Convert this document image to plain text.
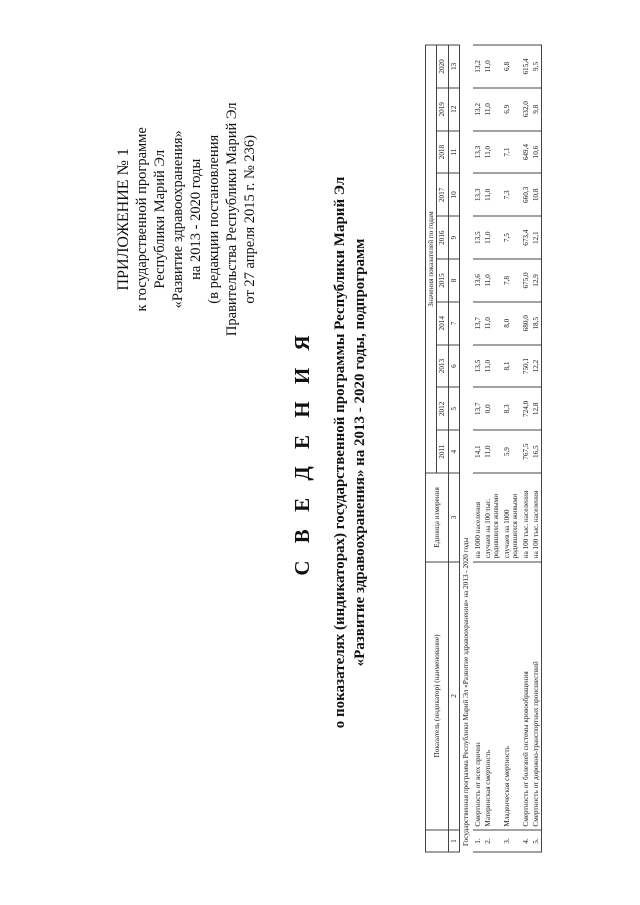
ПРИЛОЖЕНИЕ № 1 к государственной программе Республики Марий Эл «Развитие здравоохранения» на 2013 - 2020 годы (в редакции постановления Правительства Республики Марий Эл от 27 апреля 2015 г. № 236)
С В Е Д Е Н И Я о показателях (индикаторах) государственной программы Республики Марий Эл «Развитие здравоохранения» на 2013 - 2020 годы, подпрограмм
	Показатель (индикатор) (наименование)	Единица измерения	Значения показателей по годам									
			2011	2012	2013	2014	2015	2016	2017	2018	2019	2020
1	2	3	4	5	6	7	8	9	10	11	12	13
Государственная программа Республики Марий Эл «Развитие здравоохранения» на 2013 - 2020 годы												
1.	Смертность от всех причин	на 1000 населения	14,1	13,7	13,5	13,7	13,6	13,5	13,3	13,3	13,2	13,2
2.	Материнская смертность	случаев на 100 тыс. родившихся живыми	11,0	0,0	11,0	11,0	11,0	11,0	11,0	11,0	11,0	11,0
3.	Младенческая смертность	случаев на 1000 родившихся живыми	5,9	8,3	8,1	8,0	7,8	7,5	7,3	7,1	6,9	6,8
4.	Смертность от болезней системы кровообращения	на 100 тыс. населения	767,5	724,0	750,1	680,0	675,0	673,4	660,3	649,4	632,0	615,4
5.	Смертность от дорожно-транспортных происшествий	на 100 тыс. населения	16,5	12,8	12,2	18,5	12,9	12,1	10,8	10,6	9,8	9,5
